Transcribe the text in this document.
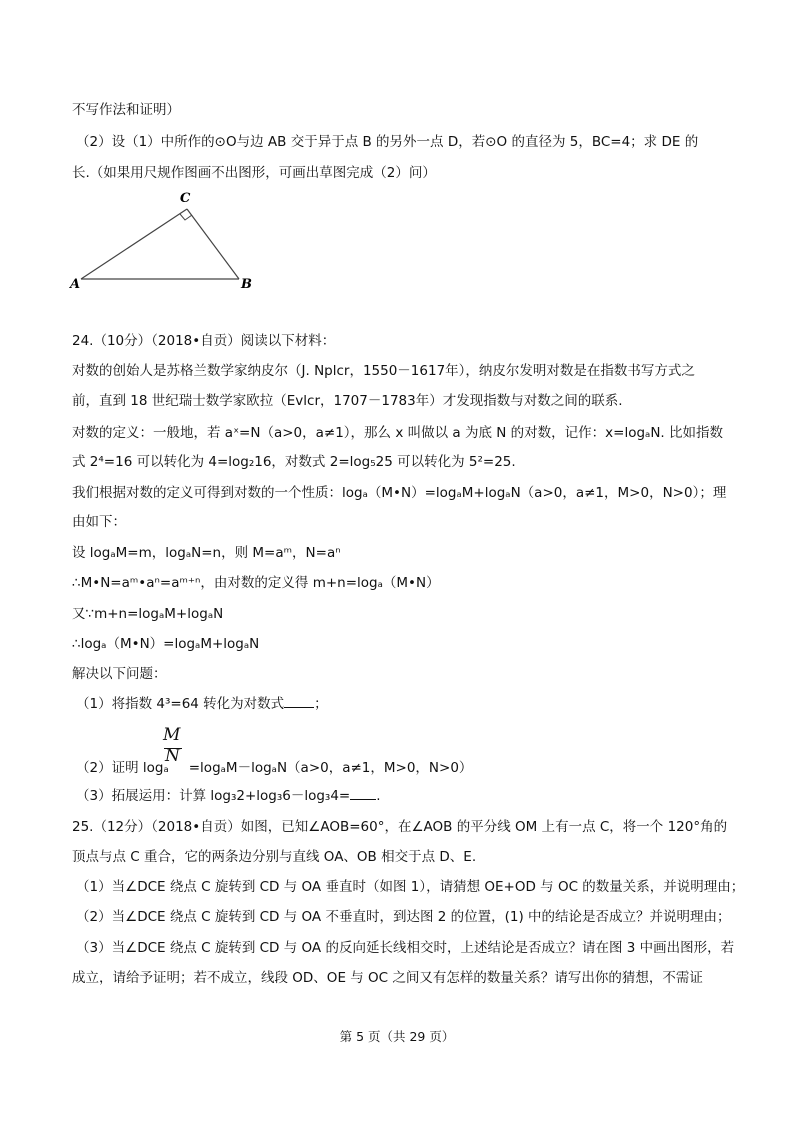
不写作法和证明）
（2）设（1）中所作的⊙O与边 AB 交于异于点 B 的另外一点 D，若⊙O 的直径为 5，BC=4；求 DE 的
长.（如果用尺规作图画不出图形，可画出草图完成（2）问）
A	B
C
24.（10分）（2018•自贡）阅读以下材料：
对数的创始人是苏格兰数学家纳皮尔（J. Nplcr，1550－1617年），纳皮尔发明对数是在指数书写方式之
前，直到 18 世纪瑞士数学家欧拉（Evlcr，1707－1783年）才发现指数与对数之间的联系.
对数的定义：一般地，若 aˣ=N（a>0，a≠1），那么 x 叫做以 a 为底 N 的对数，记作：x=logₐN. 比如指数
式 2⁴=16 可以转化为 4=log₂16，对数式 2=log₅25 可以转化为 5²=25.
我们根据对数的定义可得到对数的一个性质：logₐ（M•N）=logₐM+logₐN（a>0，a≠1，M>0，N>0）；理
由如下：
设 logₐM=m，logₐN=n，则 M=aᵐ，N=aⁿ
∴M•N=aᵐ•aⁿ=aᵐ⁺ⁿ，由对数的定义得 m+n=logₐ（M•N）
又∵m+n=logₐM+logₐN
∴logₐ（M•N）=logₐM+logₐN
解决以下问题：
（1）将指数 4³=64 转化为对数式 ；
M
N
（2）证明 logₐ =logₐM－logₐN（a>0，a≠1，M>0，N>0）
（3）拓展运用：计算 log₃2+log₃6－log₃4= .
25.（12分）（2018•自贡）如图，已知∠AOB=60°，在∠AOB 的平分线 OM 上有一点 C，将一个 120°角的
顶点与点 C 重合，它的两条边分别与直线 OA、OB 相交于点 D、E.
（1）当∠DCE 绕点 C 旋转到 CD 与 OA 垂直时（如图 1），请猜想 OE+OD 与 OC 的数量关系，并说明理由；
（2）当∠DCE 绕点 C 旋转到 CD 与 OA 不垂直时，到达图 2 的位置，(1) 中的结论是否成立？并说明理由；
（3）当∠DCE 绕点 C 旋转到 CD 与 OA 的反向延长线相交时，上述结论是否成立？请在图 3 中画出图形，若
成立，请给予证明；若不成立，线段 OD、OE 与 OC 之间又有怎样的数量关系？请写出你的猜想，不需证
第 5 页（共 29 页）
